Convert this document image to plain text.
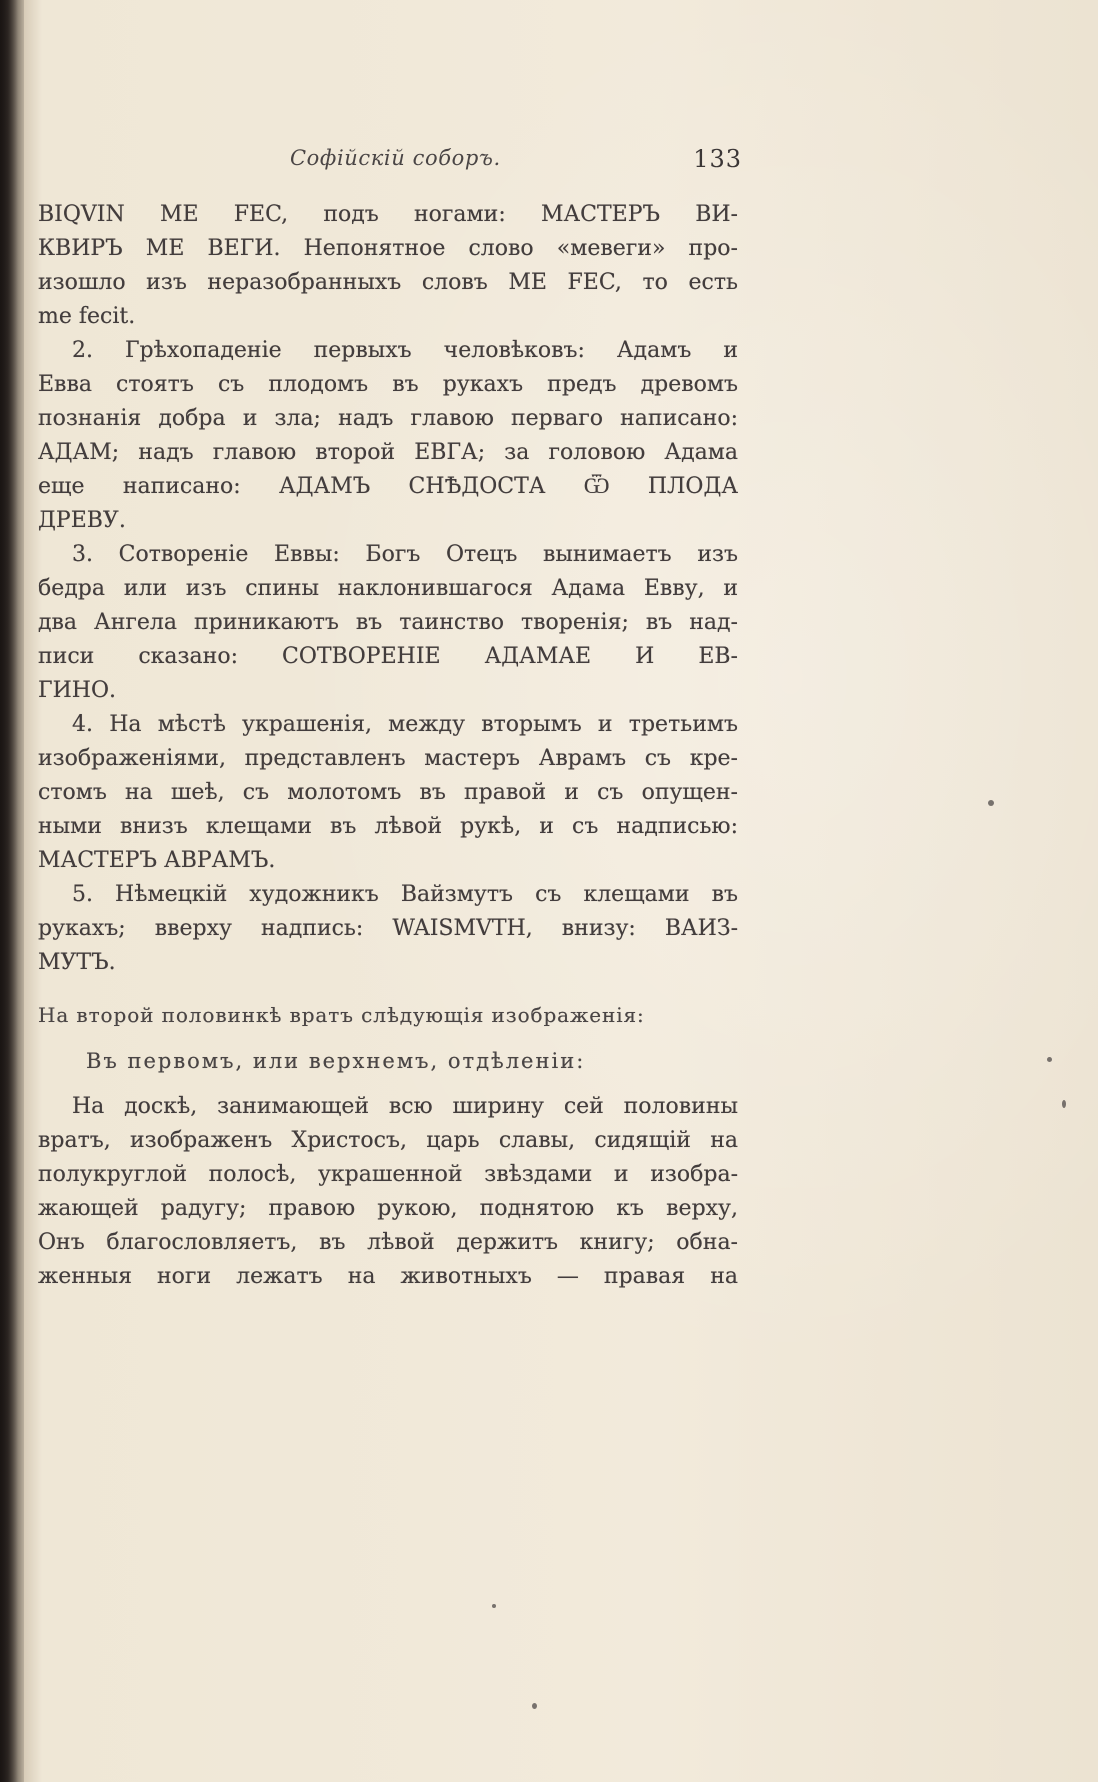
Софійскій соборъ.	133
ВIQVIN ME FEC, подъ ногами: МАСТЕРЪ ВИ-
КВИРЪ МЕ ВЕГИ. Непонятное слово «мевеги» про-
изошло изъ неразобранныхъ словъ ME FEC, то есть
me fecit.
2. Грѣхопаденіе первыхъ человѣковъ: Адамъ и
Евва стоятъ съ плодомъ въ рукахъ предъ древомъ
познанія добра и зла; надъ главою перваго написано:
АДАМ; надъ главою второй ЕВГА; за головою Адама
еще написано: АДАМЪ СНѢДОСТА Ѿ ПЛОДА
ДРЕВУ.
3. Сотвореніе Еввы: Богъ Отецъ вынимаетъ изъ
бедра или изъ спины наклонившагося Адама Евву, и
два Ангела приникаютъ въ таинство творенія; въ над-
писи сказано: СОТВОРЕНІЕ АДАМАЕ И ЕВ-
ГИНО.
4. На мѣстѣ украшенія, между вторымъ и третьимъ
изображеніями, представленъ мастеръ Аврамъ съ кре-
стомъ на шеѣ, съ молотомъ въ правой и съ опущен-
ными внизъ клещами въ лѣвой рукѣ, и съ надписью:
МАСТЕРЪ АВРАМЪ.
5. Нѣмецкій художникъ Вайзмутъ съ клещами въ
рукахъ; вверху надпись: WAISMVTH, внизу: ВАИЗ-
МУТЪ.
На второй половинкѣ вратъ слѣдующія изображенія:
Въ первомъ, или верхнемъ, отдѣленіи:
На доскѣ, занимающей всю ширину сей половины
вратъ, изображенъ Христосъ, царь славы, сидящій на
полукруглой полосѣ, украшенной звѣздами и изобра-
жающей радугу; правою рукою, поднятою къ верху,
Онъ благословляетъ, въ лѣвой держитъ книгу; обна-
женныя ноги лежатъ на животныхъ — правая на
